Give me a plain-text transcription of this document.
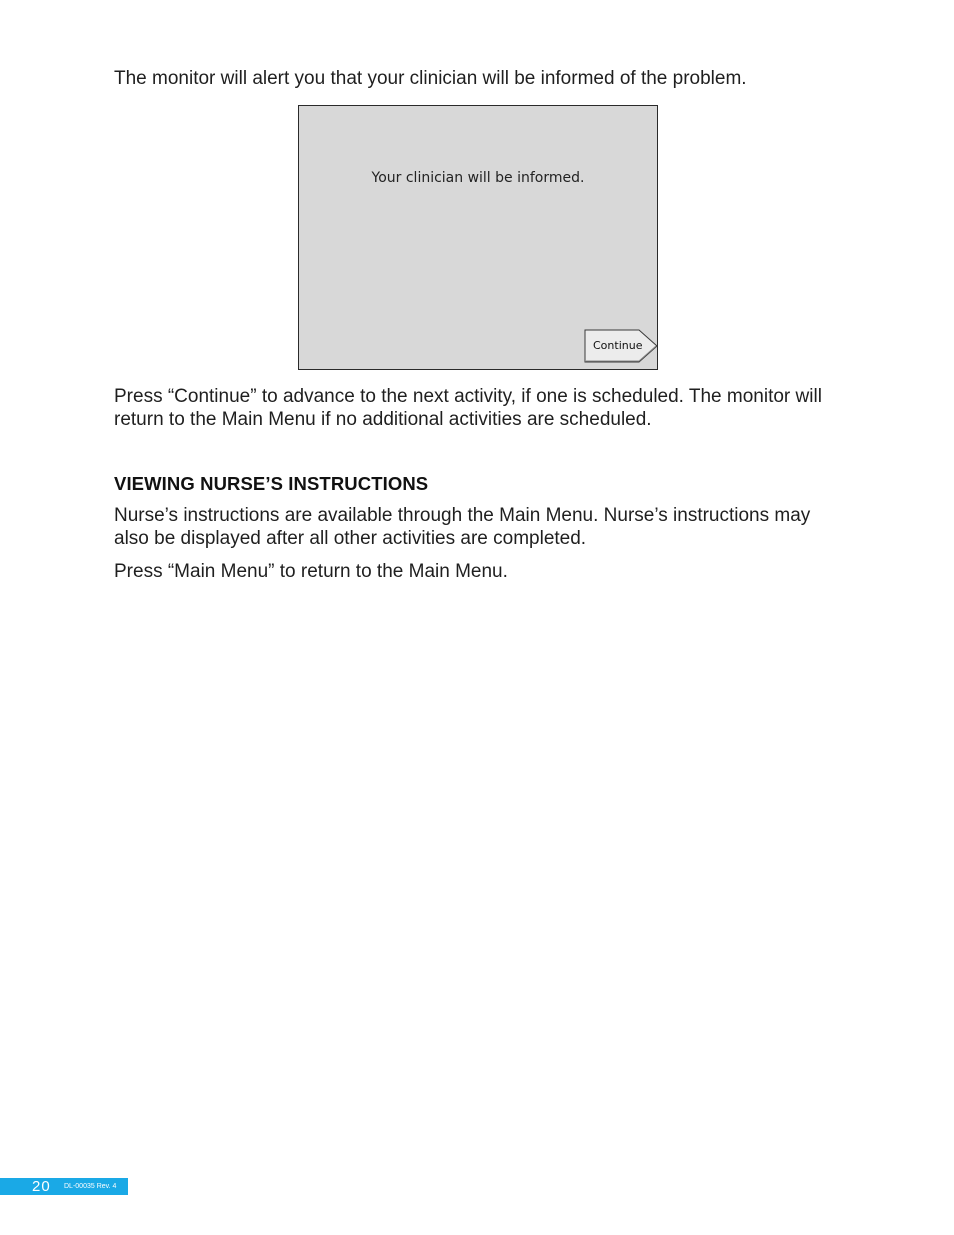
The monitor will alert you that your clinician will be informed of the problem.

Your clinician will be informed.
Continue

Press “Continue” to advance to the next activity, if one is scheduled. The monitor will return to the Main Menu if no additional activities are scheduled.

VIEWING NURSE’S INSTRUCTIONS

Nurse’s instructions are available through the Main Menu. Nurse’s instructions may also be displayed after all other activities are completed.

Press “Main Menu” to return to the Main Menu.

20 DL-00035 Rev. 4
